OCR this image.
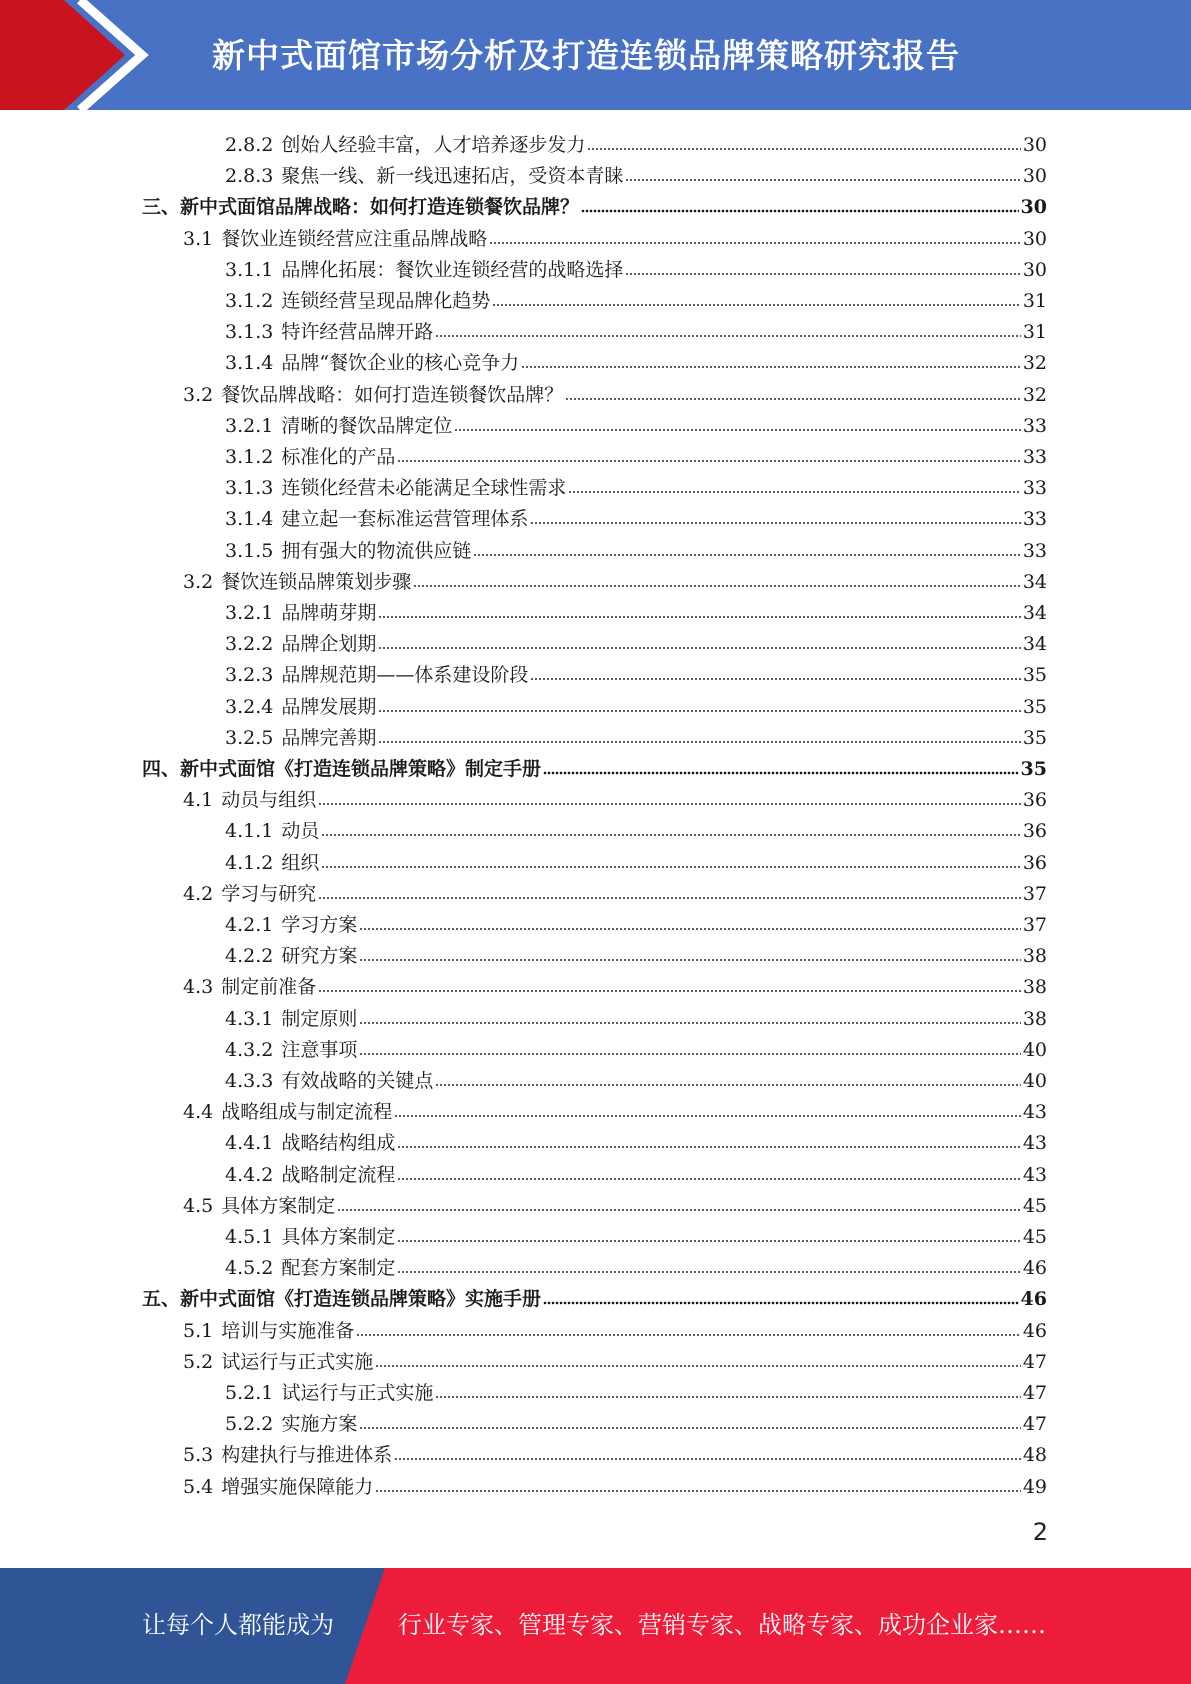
新中式面馆市场分析及打造连锁品牌策略研究报告
2.8.2 创始人经验丰富，人才培养逐步发力	30
2.8.3 聚焦一线、新一线迅速拓店，受资本青睐	30
三、新中式面馆品牌战略：如何打造连锁餐饮品牌？	30
3.1 餐饮业连锁经营应注重品牌战略	30
3.1.1 品牌化拓展：餐饮业连锁经营的战略选择	30
3.1.2 连锁经营呈现品牌化趋势	31
3.1.3 特许经营品牌开路	31
3.1.4 品牌“餐饮企业的核心竞争力	32
3.2 餐饮品牌战略：如何打造连锁餐饮品牌？	32
3.2.1 清晰的餐饮品牌定位	33
3.1.2 标准化的产品	33
3.1.3 连锁化经营未必能满足全球性需求	33
3.1.4 建立起一套标准运营管理体系	33
3.1.5 拥有强大的物流供应链	33
3.2 餐饮连锁品牌策划步骤	34
3.2.1 品牌萌芽期	34
3.2.2 品牌企划期	34
3.2.3 品牌规范期——体系建设阶段	35
3.2.4 品牌发展期	35
3.2.5 品牌完善期	35
四、新中式面馆《打造连锁品牌策略》制定手册	35
4.1 动员与组织	36
4.1.1 动员	36
4.1.2 组织	36
4.2 学习与研究	37
4.2.1 学习方案	37
4.2.2 研究方案	38
4.3 制定前准备	38
4.3.1 制定原则	38
4.3.2 注意事项	40
4.3.3 有效战略的关键点	40
4.4 战略组成与制定流程	43
4.4.1 战略结构组成	43
4.4.2 战略制定流程	43
4.5 具体方案制定	45
4.5.1 具体方案制定	45
4.5.2 配套方案制定	46
五、新中式面馆《打造连锁品牌策略》实施手册	46
5.1 培训与实施准备	46
5.2 试运行与正式实施	47
5.2.1 试运行与正式实施	47
5.2.2 实施方案	47
5.3 构建执行与推进体系	48
5.4 增强实施保障能力	49
2
让每个人都能成为	行业专家、管理专家、营销专家、战略专家、成功企业家……
